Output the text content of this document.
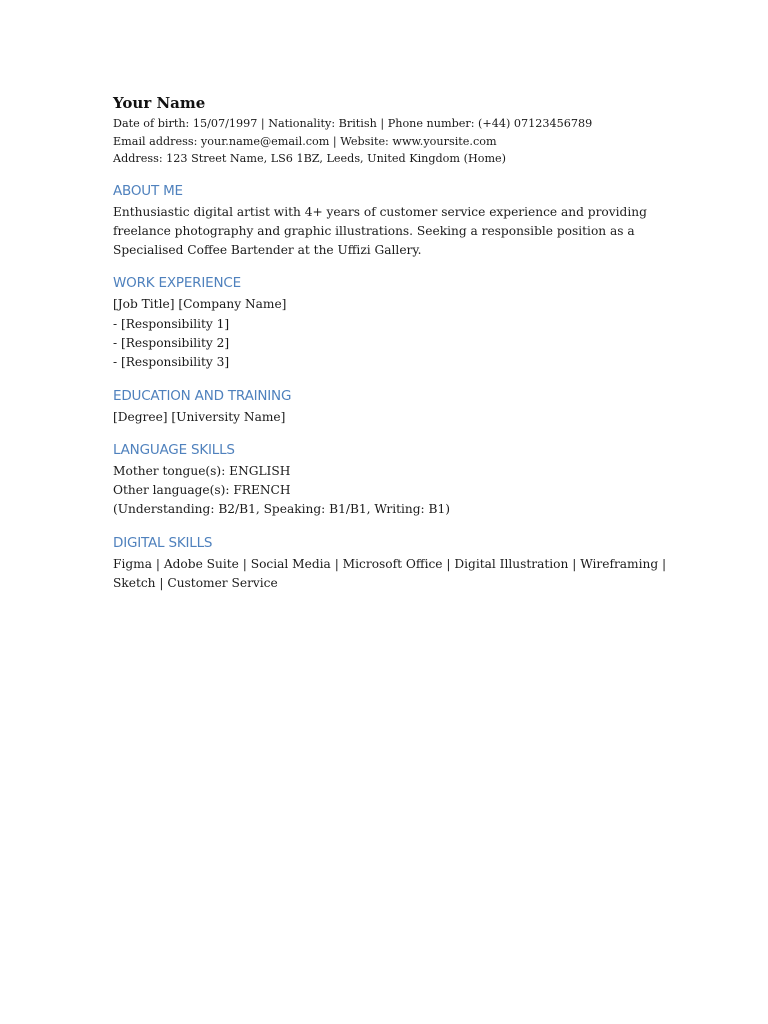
Your Name
Date of birth: 15/07/1997 | Nationality: British | Phone number: (+44) 07123456789
Email address: your.name@email.com | Website: www.yoursite.com
Address: 123 Street Name, LS6 1BZ, Leeds, United Kingdom (Home)
ABOUT ME
Enthusiastic digital artist with 4+ years of customer service experience and providing
freelance photography and graphic illustrations. Seeking a responsible position as a
Specialised Coffee Bartender at the Uffizi Gallery.
WORK EXPERIENCE
[Job Title] [Company Name]
- [Responsibility 1]
- [Responsibility 2]
- [Responsibility 3]
EDUCATION AND TRAINING
[Degree] [University Name]
LANGUAGE SKILLS
Mother tongue(s): ENGLISH
Other language(s): FRENCH
(Understanding: B2/B1, Speaking: B1/B1, Writing: B1)
DIGITAL SKILLS
Figma | Adobe Suite | Social Media | Microsoft Office | Digital Illustration | Wireframing |
Sketch | Customer Service
